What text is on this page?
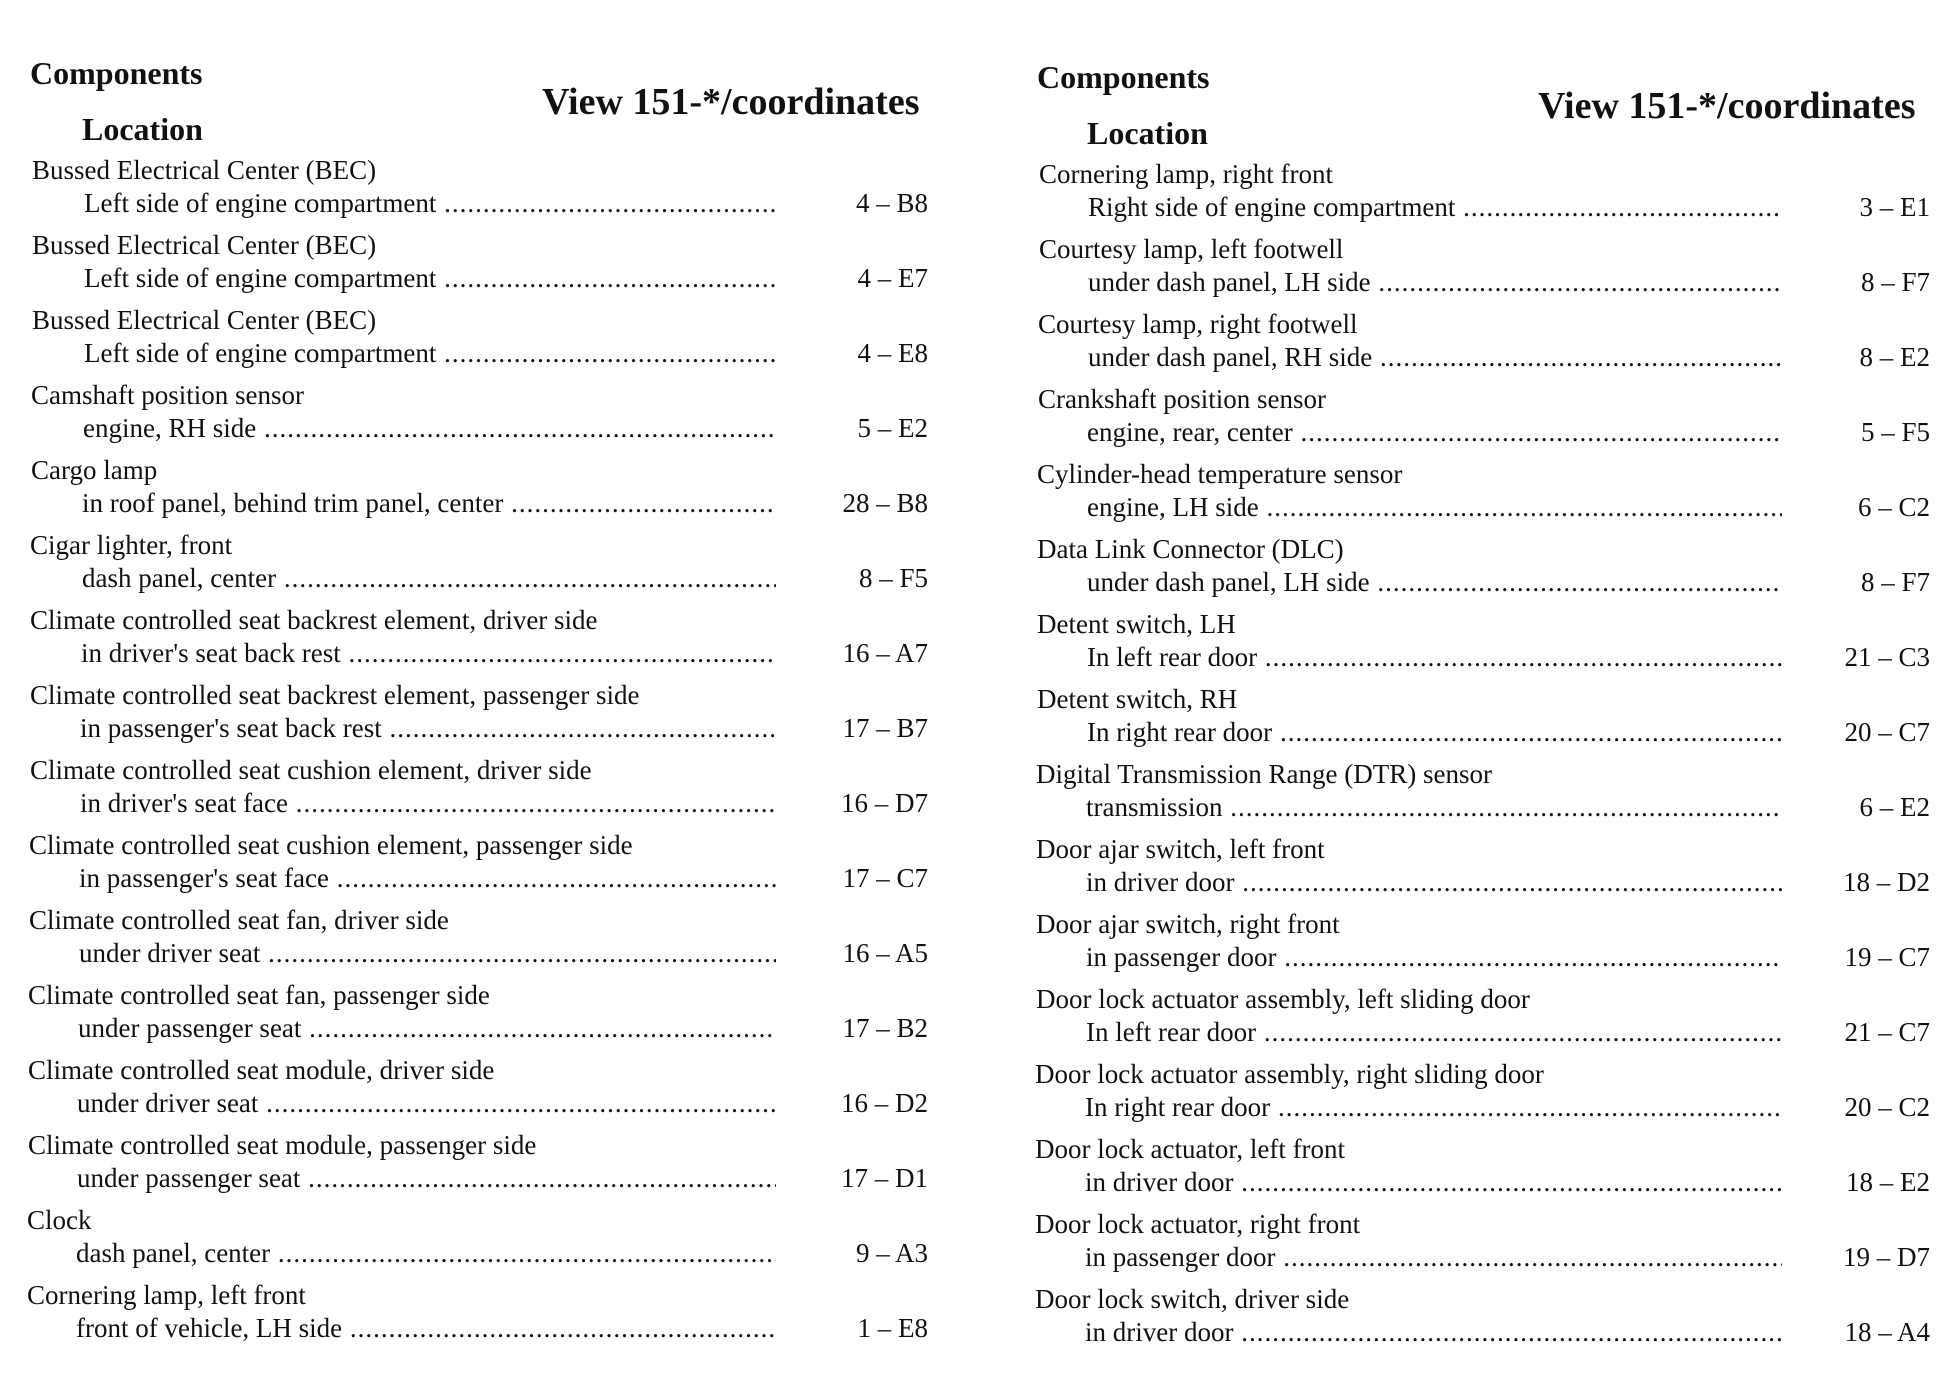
Components
Location
View 151-*/coordinates
Bussed Electrical Center (BEC)
Left side of engine compartment .....	4 – B8
Bussed Electrical Center (BEC)
Left side of engine compartment .....	4 – E7
Bussed Electrical Center (BEC)
Left side of engine compartment .....	4 – E8
Camshaft position sensor
engine, RH side .....	5 – E2
Cargo lamp
in roof panel, behind trim panel, center .....	28 – B8
Cigar lighter, front
dash panel, center .....	8 – F5
Climate controlled seat backrest element, driver side
in driver's seat back rest .....	16 – A7
Climate controlled seat backrest element, passenger side
in passenger's seat back rest .....	17 – B7
Climate controlled seat cushion element, driver side
in driver's seat face .....	16 – D7
Climate controlled seat cushion element, passenger side
in passenger's seat face .....	17 – C7
Climate controlled seat fan, driver side
under driver seat .....	16 – A5
Climate controlled seat fan, passenger side
under passenger seat .....	17 – B2
Climate controlled seat module, driver side
under driver seat .....	16 – D2
Climate controlled seat module, passenger side
under passenger seat .....	17 – D1
Clock
dash panel, center .....	9 – A3
Cornering lamp, left front
front of vehicle, LH side .....	1 – E8
Components
Location
View 151-*/coordinates
Cornering lamp, right front
Right side of engine compartment .....	3 – E1
Courtesy lamp, left footwell
under dash panel, LH side .....	8 – F7
Courtesy lamp, right footwell
under dash panel, RH side .....	8 – E2
Crankshaft position sensor
engine, rear, center .....	5 – F5
Cylinder-head temperature sensor
engine, LH side .....	6 – C2
Data Link Connector (DLC)
under dash panel, LH side .....	8 – F7
Detent switch, LH
In left rear door .....	21 – C3
Detent switch, RH
In right rear door .....	20 – C7
Digital Transmission Range (DTR) sensor
transmission .....	6 – E2
Door ajar switch, left front
in driver door .....	18 – D2
Door ajar switch, right front
in passenger door .....	19 – C7
Door lock actuator assembly, left sliding door
In left rear door .....	21 – C7
Door lock actuator assembly, right sliding door
In right rear door .....	20 – C2
Door lock actuator, left front
in driver door .....	18 – E2
Door lock actuator, right front
in passenger door .....	19 – D7
Door lock switch, driver side
in driver door .....	18 – A4
